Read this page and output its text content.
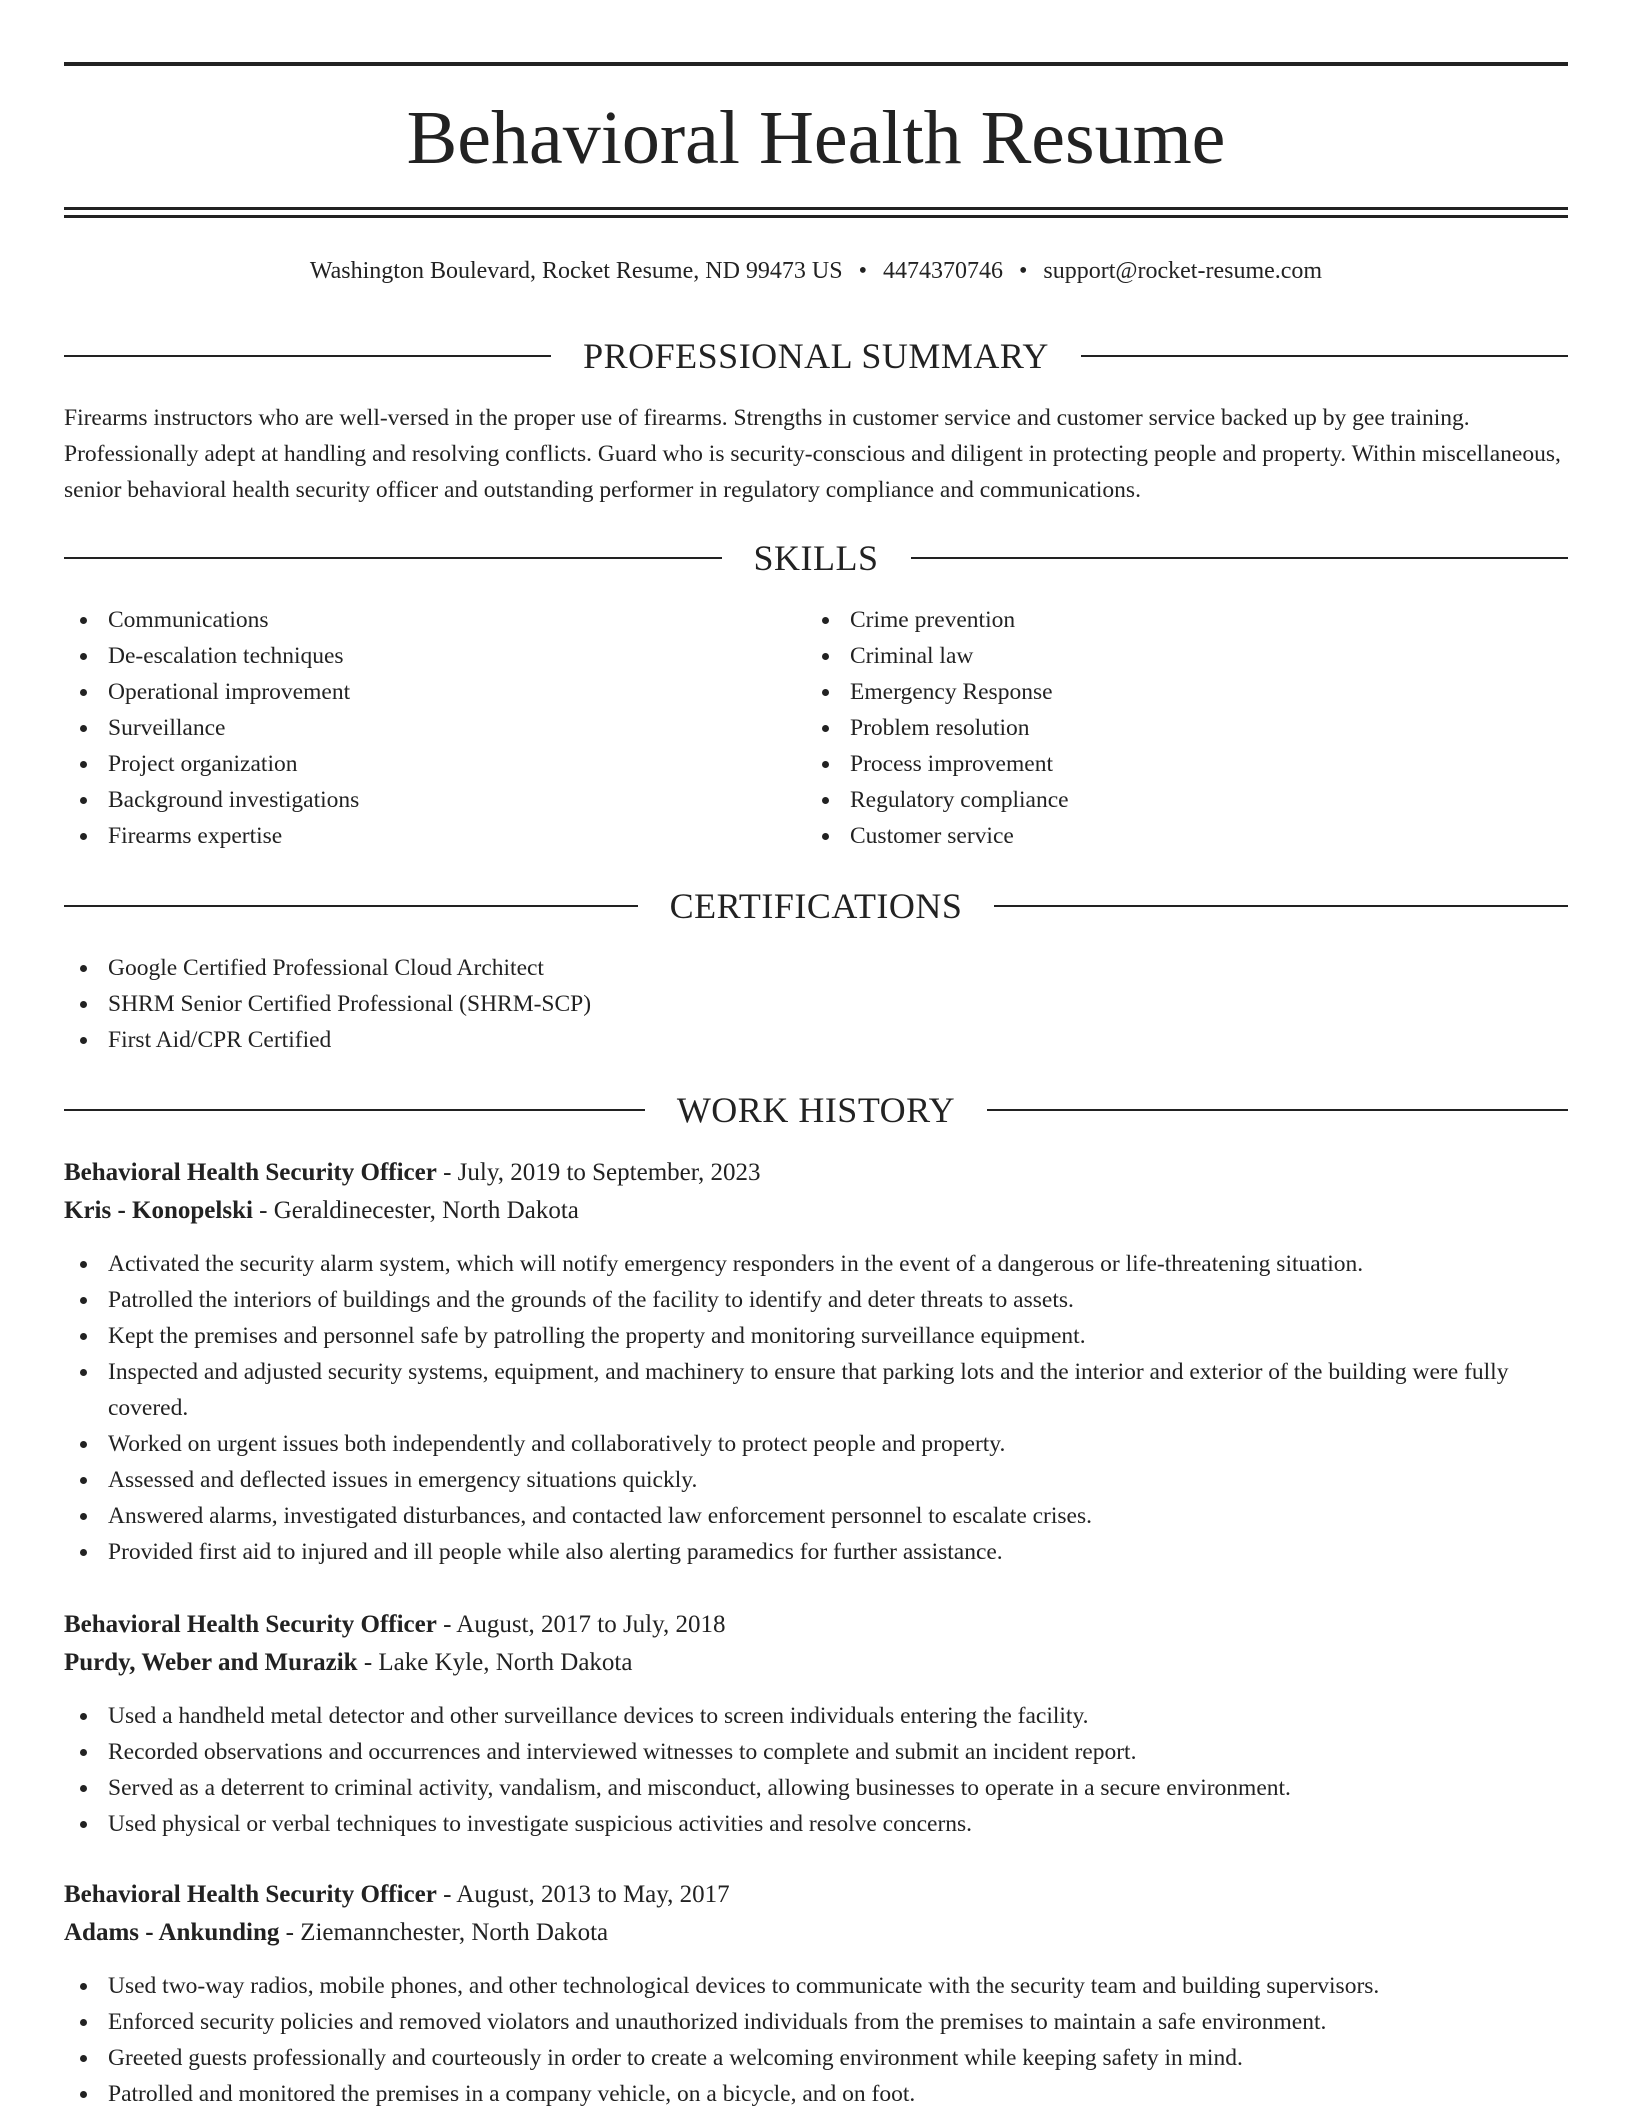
Behavioral Health Resume
Washington Boulevard, Rocket Resume, ND 99473 US • 4474370746 • support@rocket-resume.com
PROFESSIONAL SUMMARY
Firearms instructors who are well-versed in the proper use of firearms. Strengths in customer service and customer service backed up by gee training. Professionally adept at handling and resolving conflicts. Guard who is security-conscious and diligent in protecting people and property. Within miscellaneous, senior behavioral health security officer and outstanding performer in regulatory compliance and communications.
SKILLS
Communications
De-escalation techniques
Operational improvement
Surveillance
Project organization
Background investigations
Firearms expertise
Crime prevention
Criminal law
Emergency Response
Problem resolution
Process improvement
Regulatory compliance
Customer service
CERTIFICATIONS
Google Certified Professional Cloud Architect
SHRM Senior Certified Professional (SHRM-SCP)
First Aid/CPR Certified
WORK HISTORY
Behavioral Health Security Officer - July, 2019 to September, 2023
Kris - Konopelski - Geraldinecester, North Dakota
Activated the security alarm system, which will notify emergency responders in the event of a dangerous or life-threatening situation.
Patrolled the interiors of buildings and the grounds of the facility to identify and deter threats to assets.
Kept the premises and personnel safe by patrolling the property and monitoring surveillance equipment.
Inspected and adjusted security systems, equipment, and machinery to ensure that parking lots and the interior and exterior of the building were fully covered.
Worked on urgent issues both independently and collaboratively to protect people and property.
Assessed and deflected issues in emergency situations quickly.
Answered alarms, investigated disturbances, and contacted law enforcement personnel to escalate crises.
Provided first aid to injured and ill people while also alerting paramedics for further assistance.
Behavioral Health Security Officer - August, 2017 to July, 2018
Purdy, Weber and Murazik - Lake Kyle, North Dakota
Used a handheld metal detector and other surveillance devices to screen individuals entering the facility.
Recorded observations and occurrences and interviewed witnesses to complete and submit an incident report.
Served as a deterrent to criminal activity, vandalism, and misconduct, allowing businesses to operate in a secure environment.
Used physical or verbal techniques to investigate suspicious activities and resolve concerns.
Behavioral Health Security Officer - August, 2013 to May, 2017
Adams - Ankunding - Ziemannchester, North Dakota
Used two-way radios, mobile phones, and other technological devices to communicate with the security team and building supervisors.
Enforced security policies and removed violators and unauthorized individuals from the premises to maintain a safe environment.
Greeted guests professionally and courteously in order to create a welcoming environment while keeping safety in mind.
Patrolled and monitored the premises in a company vehicle, on a bicycle, and on foot.
